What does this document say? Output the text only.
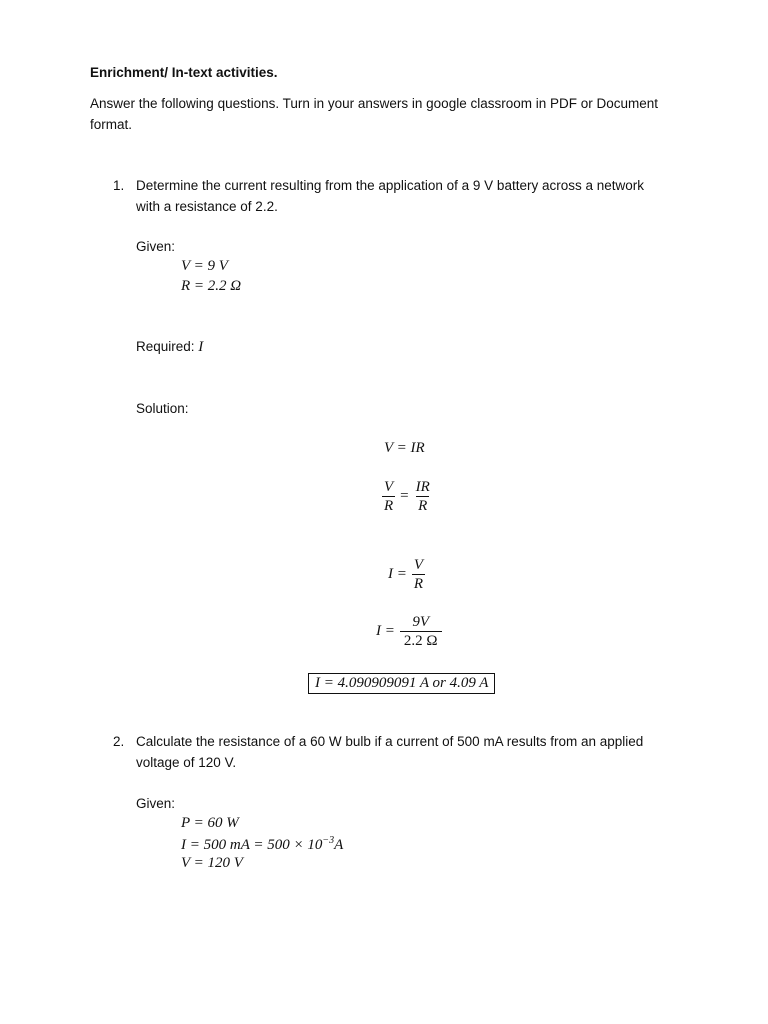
Enrichment/ In-text activities.
Answer the following questions. Turn in your answers in google classroom in PDF or Document
format.
1. Determine the current resulting from the application of a 9 V battery across a network
with a resistance of 2.2.
Given:
V = 9 V
R = 2.2 Ω
Required: I
Solution:
V = IR
$\frac{V}{R} = \frac{IR}{R}$
$I = \frac{V}{R}$
$I = \frac{9V}{2.2 \Omega}$
I = 4.090909091 A or 4.09 A
2. Calculate the resistance of a 60 W bulb if a current of 500 mA results from an applied
voltage of 120 V.
Given:
P = 60 W
I = 500 mA = $500 \times 10^{-3}A$
V = 120 V
